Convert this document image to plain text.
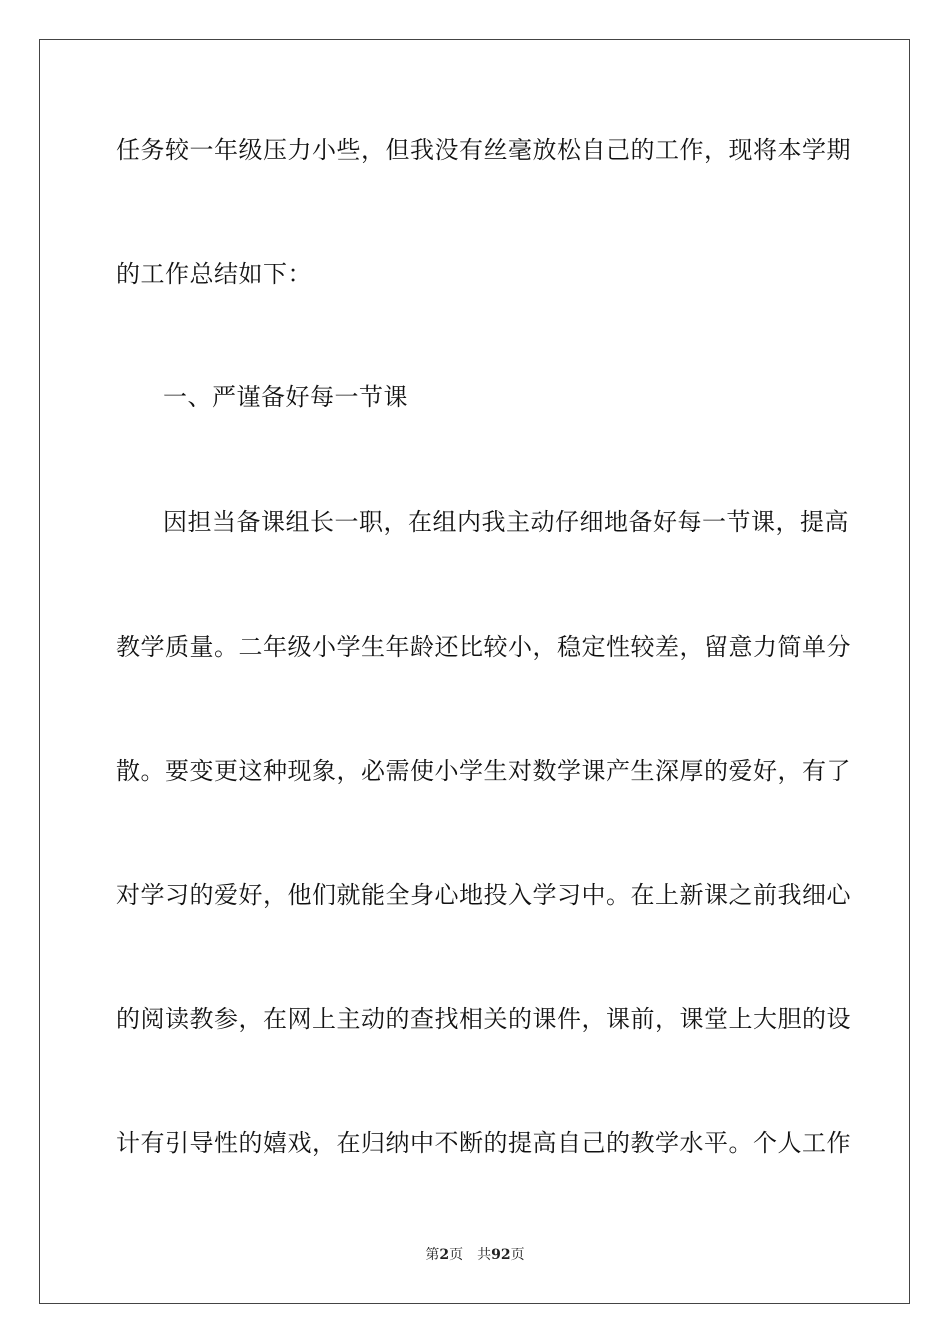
任务较一年级压力小些，但我没有丝毫放松自己的工作，现将本学期
的工作总结如下：
一、严谨备好每一节课
因担当备课组长一职，在组内我主动仔细地备好每一节课，提高
教学质量。二年级小学生年龄还比较小，稳定性较差，留意力简单分
散。要变更这种现象，必需使小学生对数学课产生深厚的爱好，有了
对学习的爱好，他们就能全身心地投入学习中。在上新课之前我细心
的阅读教参，在网上主动的查找相关的课件，课前，课堂上大胆的设
计有引导性的嬉戏，在归纳中不断的提高自己的教学水平。个人工作
第2页 共92页
